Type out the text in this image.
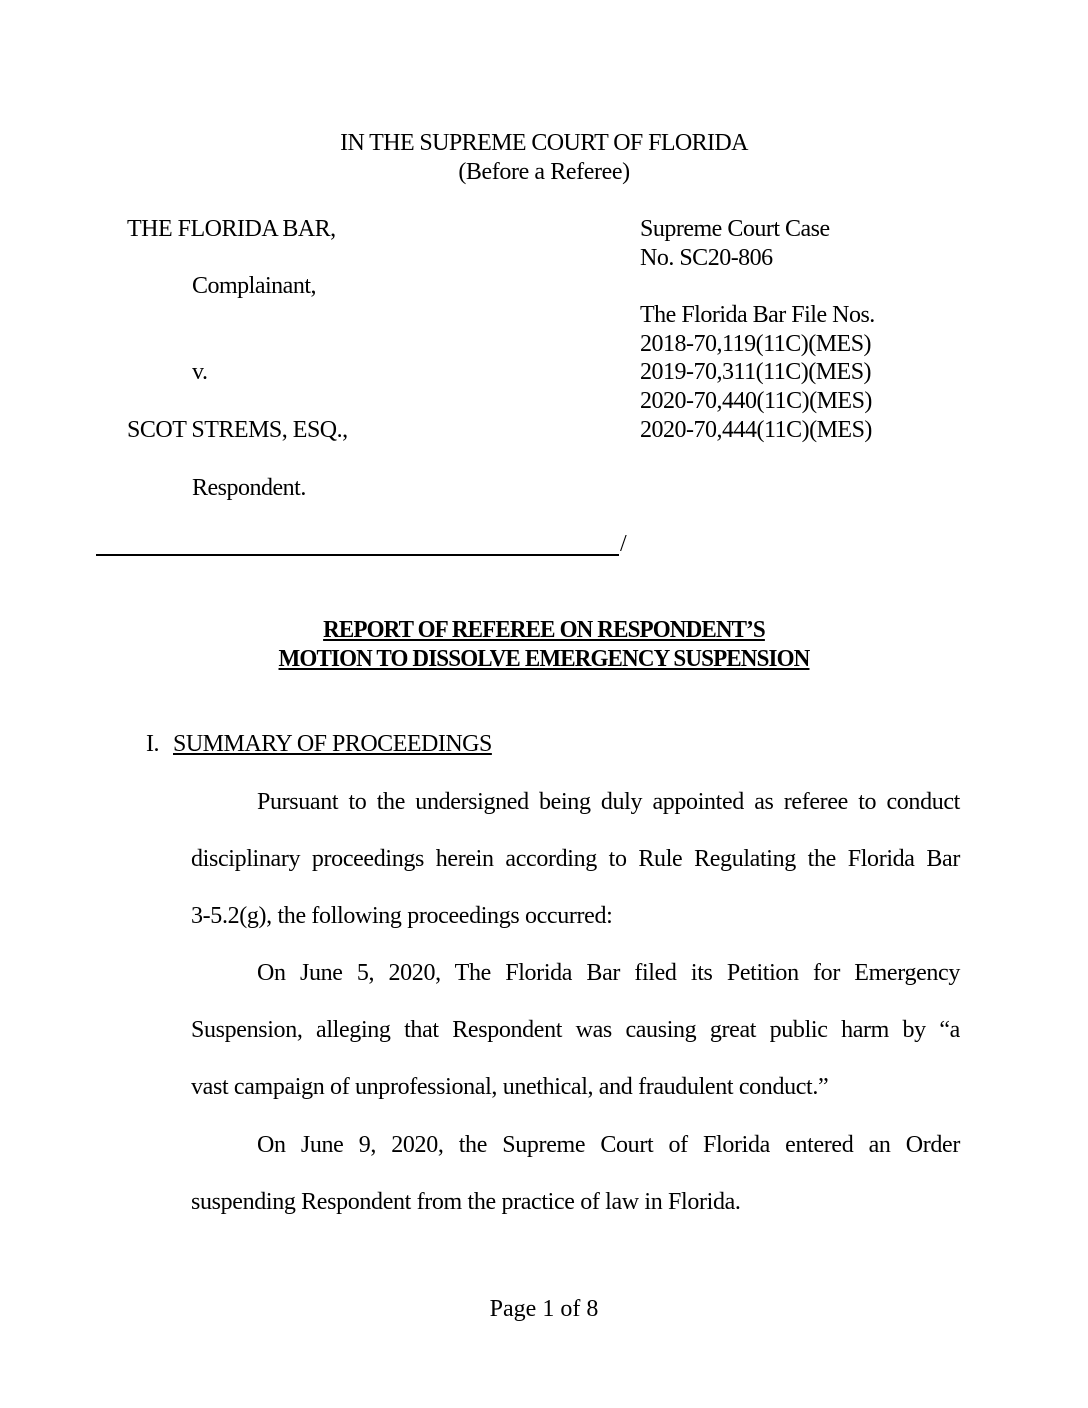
IN THE SUPREME COURT OF FLORIDA
(Before a Referee)
THE FLORIDA BAR,
Complainant,
v.
SCOT STREMS, ESQ.,
Respondent.
Supreme Court Case
No. SC20-806
The Florida Bar File Nos.
2018-70,119(11C)(MES)
2019-70,311(11C)(MES)
2020-70,440(11C)(MES)
2020-70,444(11C)(MES)
/
REPORT OF REFEREE ON RESPONDENT’S
MOTION TO DISSOLVE EMERGENCY SUSPENSION
I. SUMMARY OF PROCEEDINGS
Pursuant to the undersigned being duly appointed as referee to conduct
disciplinary proceedings herein according to Rule Regulating the Florida Bar
3-5.2(g), the following proceedings occurred:
On June 5, 2020, The Florida Bar filed its Petition for Emergency
Suspension, alleging that Respondent was causing great public harm by “a
vast campaign of unprofessional, unethical, and fraudulent conduct.”
On June 9, 2020, the Supreme Court of Florida entered an Order
suspending Respondent from the practice of law in Florida.
Page 1 of 8
